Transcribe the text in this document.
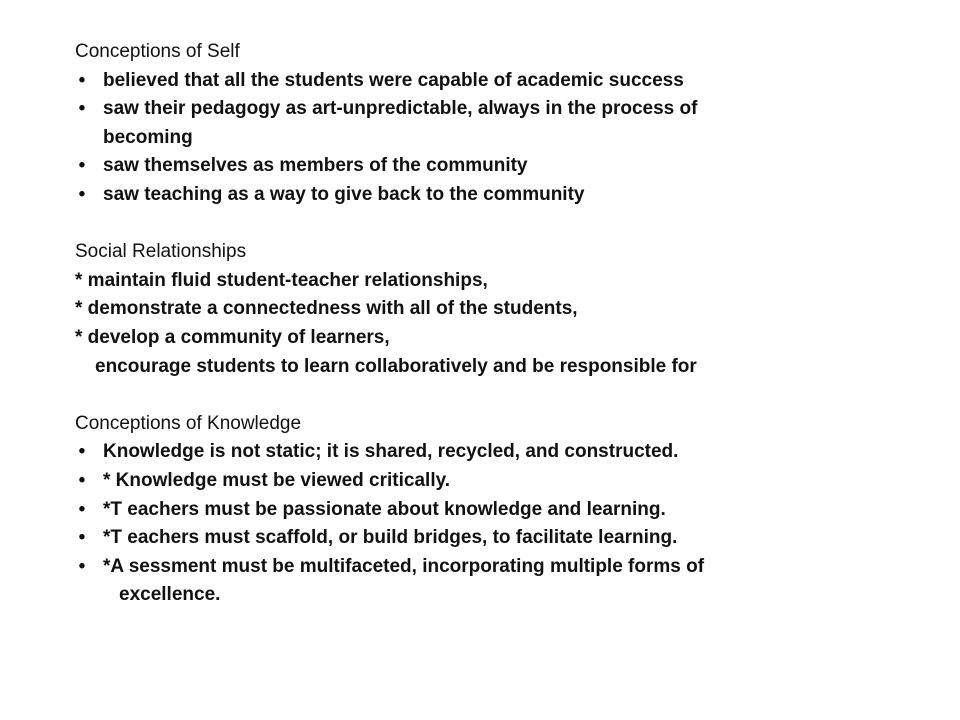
Conceptions of Self
• believed that all the students were capable of academic success
• saw their pedagogy as art-unpredictable, always in the process of
becoming
• saw themselves as members of the community
• saw teaching as a way to give back to the community
Social Relationships
* maintain fluid student-teacher relationships,
* demonstrate a connectedness with all of the students,
* develop a community of learners,
encourage students to learn collaboratively and be responsible for
Conceptions of Knowledge
• Knowledge is not static; it is shared, recycled, and constructed.
• * Knowledge must be viewed critically.
• *T eachers must be passionate about knowledge and learning.
• *T eachers must scaffold, or build bridges, to facilitate learning.
• *A sessment must be multifaceted, incorporating multiple forms of
excellence.
